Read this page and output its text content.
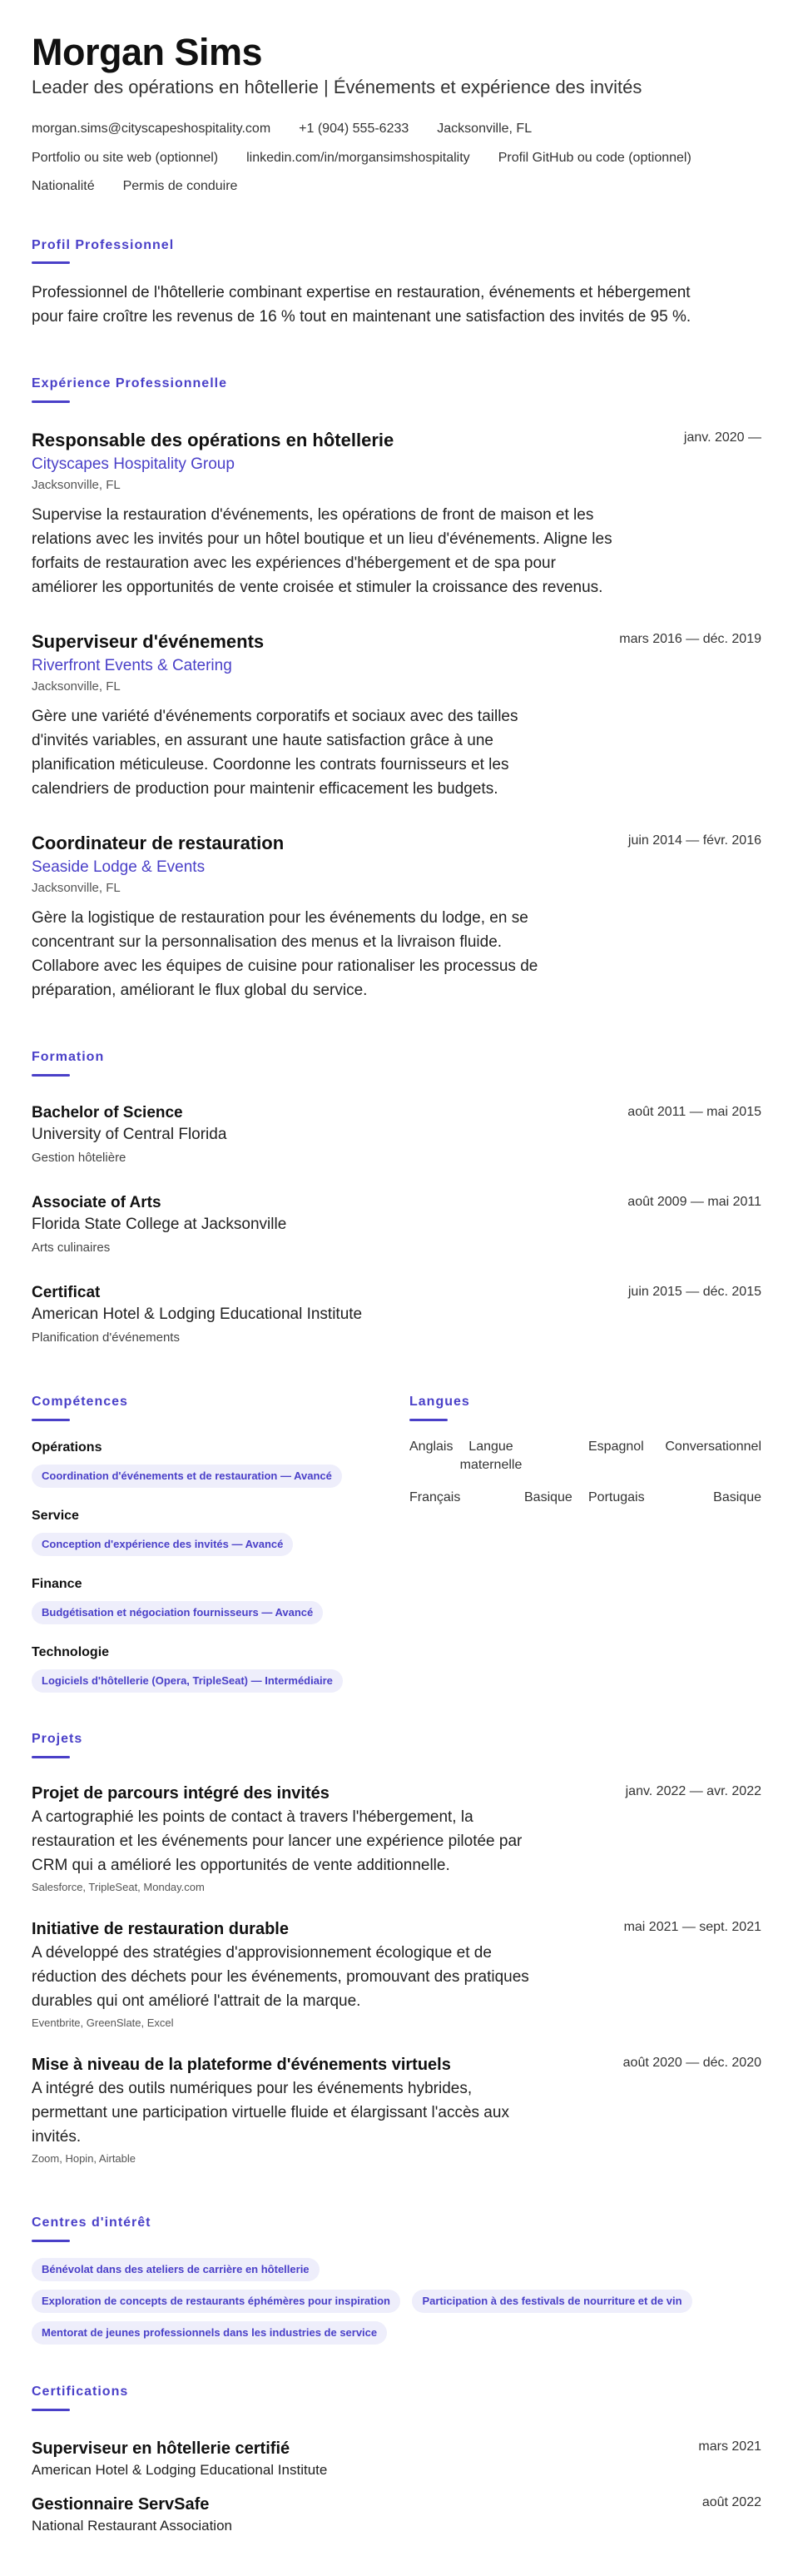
Morgan Sims
Leader des opérations en hôtellerie | Événements et expérience des invités
morgan.sims@cityscapeshospitality.com +1 (904) 555-6233 Jacksonville, FL
Portfolio ou site web (optionnel) linkedin.com/in/morgansimshospitality Profil GitHub ou code (optionnel)
Nationalité Permis de conduire
Profil Professionnel
Professionnel de l'hôtellerie combinant expertise en restauration, événements et hébergement
pour faire croître les revenus de 16 % tout en maintenant une satisfaction des invités de 95 %.
Expérience Professionnelle
Responsable des opérations en hôtellerie
Cityscapes Hospitality Group
Jacksonville, FL
Supervise la restauration d'événements, les opérations de front de maison et les
relations avec les invités pour un hôtel boutique et un lieu d'événements. Aligne les
forfaits de restauration avec les expériences d'hébergement et de spa pour
améliorer les opportunités de vente croisée et stimuler la croissance des revenus.
janv. 2020 —
Superviseur d'événements
Riverfront Events & Catering
Jacksonville, FL
Gère une variété d'événements corporatifs et sociaux avec des tailles
d'invités variables, en assurant une haute satisfaction grâce à une
planification méticuleuse. Coordonne les contrats fournisseurs et les
calendriers de production pour maintenir efficacement les budgets.
mars 2016 — déc. 2019
Coordinateur de restauration
Seaside Lodge & Events
Jacksonville, FL
Gère la logistique de restauration pour les événements du lodge, en se
concentrant sur la personnalisation des menus et la livraison fluide.
Collabore avec les équipes de cuisine pour rationaliser les processus de
préparation, améliorant le flux global du service.
juin 2014 — févr. 2016
Formation
Bachelor of Science
University of Central Florida
Gestion hôtelière
août 2011 — mai 2015
Associate of Arts
Florida State College at Jacksonville
Arts culinaires
août 2009 — mai 2011
Certificat
American Hotel & Lodging Educational Institute
Planification d'événements
juin 2015 — déc. 2015
Compétences
Opérations
Coordination d'événements et de restauration — Avancé
Service
Conception d'expérience des invités — Avancé
Finance
Budgétisation et négociation fournisseurs — Avancé
Technologie
Logiciels d'hôtellerie (Opera, TripleSeat) — Intermédiaire
Langues
Anglais	Langue
maternelle
Espagnol Conversationnel
Français	Basique Portugais	Basique
Projets
Projet de parcours intégré des invités
A cartographié les points de contact à travers l'hébergement, la
restauration et les événements pour lancer une expérience pilotée par
CRM qui a amélioré les opportunités de vente additionnelle.
Salesforce, TripleSeat, Monday.com
janv. 2022 — avr. 2022
Initiative de restauration durable
A développé des stratégies d'approvisionnement écologique et de
réduction des déchets pour les événements, promouvant des pratiques
durables qui ont amélioré l'attrait de la marque.
Eventbrite, GreenSlate, Excel
mai 2021 — sept. 2021
Mise à niveau de la plateforme d'événements virtuels
A intégré des outils numériques pour les événements hybrides,
permettant une participation virtuelle fluide et élargissant l'accès aux
invités.
Zoom, Hopin, Airtable
août 2020 — déc. 2020
Centres d'intérêt
Bénévolat dans des ateliers de carrière en hôtellerie
Exploration de concepts de restaurants éphémères pour inspiration	Participation à des festivals de nourriture et de vin
Mentorat de jeunes professionnels dans les industries de service
Certifications
Superviseur en hôtellerie certifié
American Hotel & Lodging Educational Institute
mars 2021
Gestionnaire ServSafe
National Restaurant Association
août 2022
